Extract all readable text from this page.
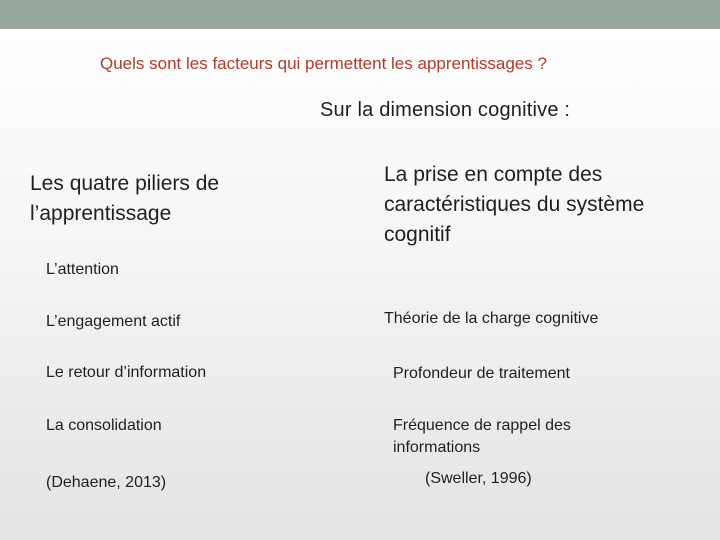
Quels sont les facteurs qui permettent les apprentissages ?
Sur la dimension cognitive :
Les quatre piliers de l’apprentissage
La prise en compte des caractéristiques du système cognitif
L’attention
L’engagement actif
Le retour d’information
La consolidation
(Dehaene, 2013)
Théorie de la charge cognitive
Profondeur de traitement
Fréquence de rappel des informations
(Sweller, 1996)
